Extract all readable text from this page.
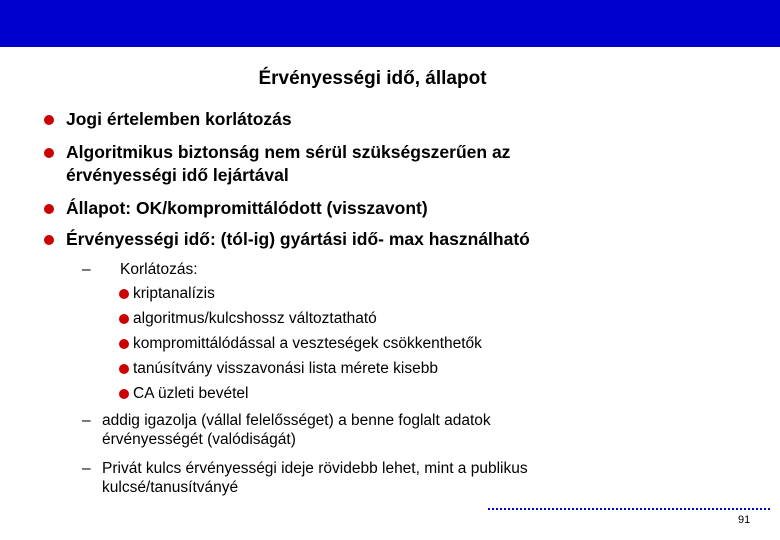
Érvényességi idő, állapot
Jogi értelemben korlátozás
Algoritmikus biztonság nem sérül szükségszerűen az
érvényességi idő lejártával
Állapot: OK/kompromittálódott (visszavont)
Érvényességi idő: (tól-ig) gyártási idő- max használható
–	Korlátozás:
kriptanalízis
algoritmus/kulcshossz változtatható
kompromittálódással a veszteségek csökkenthetők
tanúsítvány visszavonási lista mérete kisebb
CA üzleti bevétel
– addig igazolja (vállal felelősséget) a benne foglalt adatok
érvényességét (valódiságát)
– Privát kulcs érvényességi ideje rövidebb lehet, mint a publikus
kulcsé/tanusítványé
91
